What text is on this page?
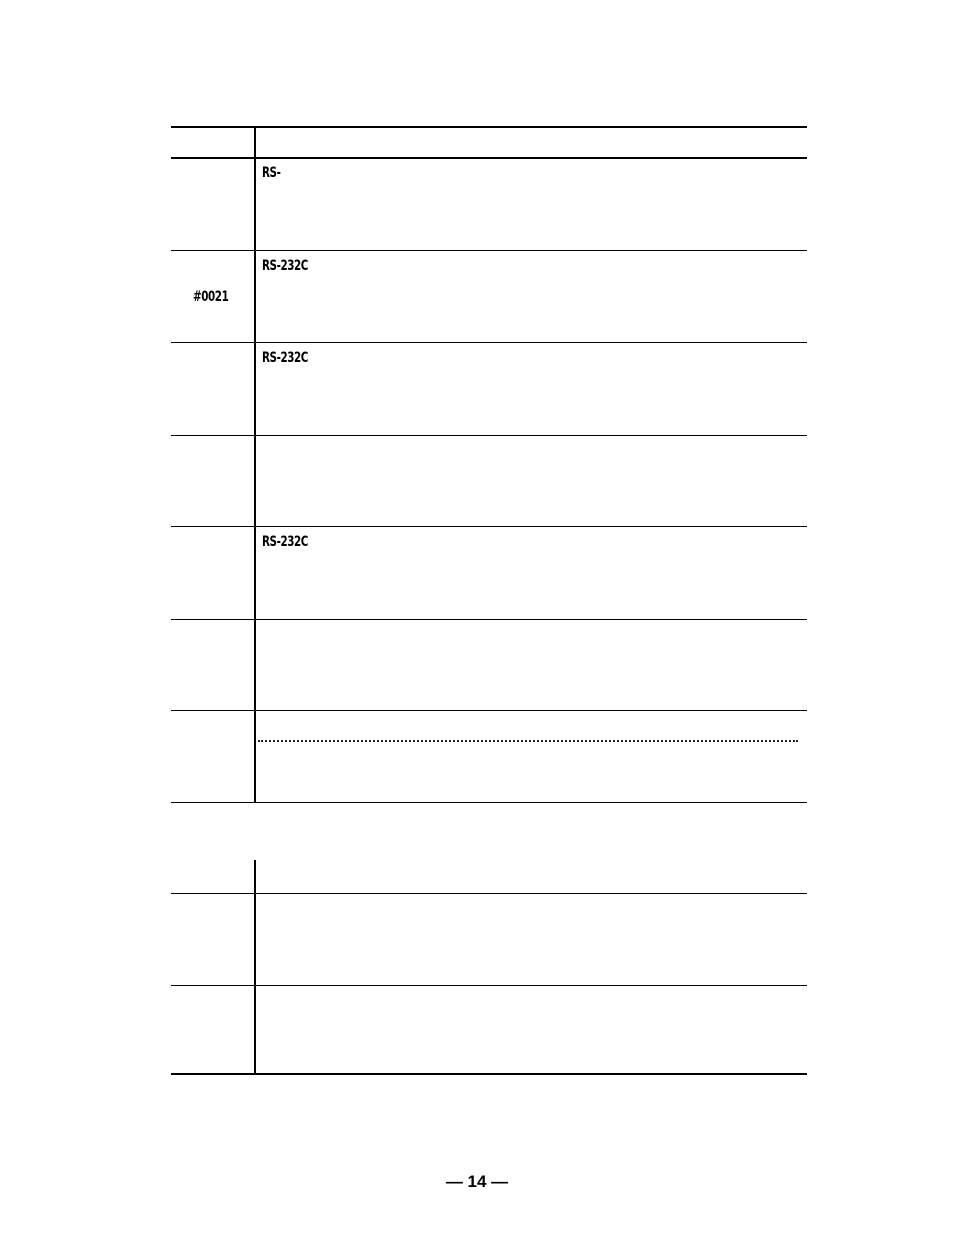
RS-
#0021
RS-232C
RS-232C
RS-232C
— 14 —
